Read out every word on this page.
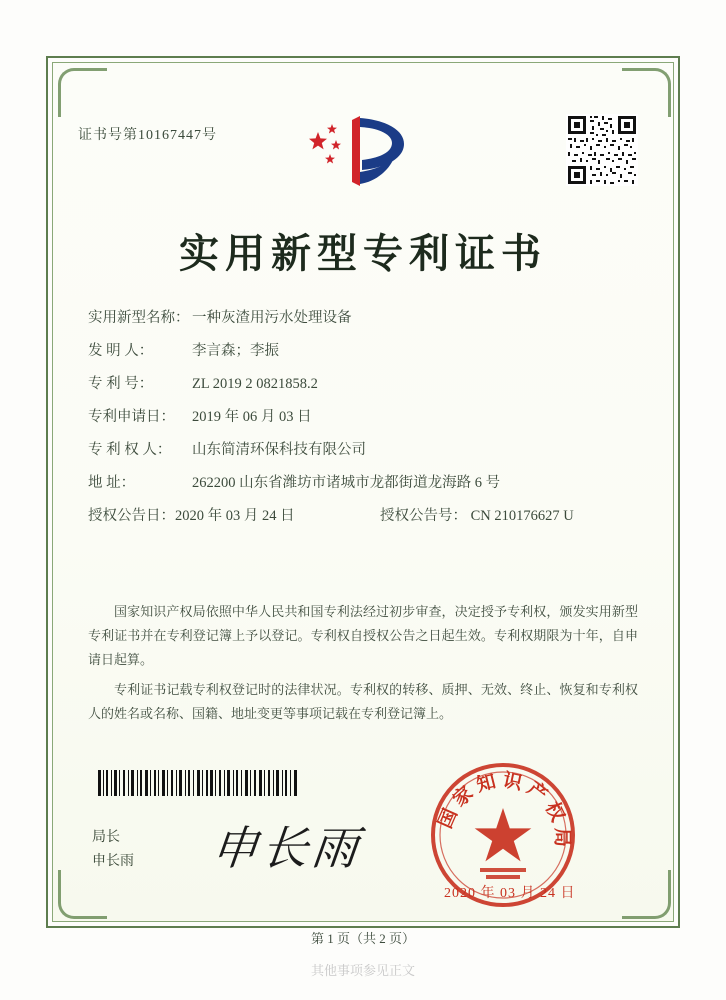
证书号第10167447号
实用新型专利证书
实用新型名称： 一种灰渣用污水处理设备
发 明 人：	李言森；李振
专 利 号：	ZL 2019 2 0821858.2
专利申请日： 2019 年 06 月 03 日
专 利 权 人： 山东简清环保科技有限公司
地 址：	262200 山东省潍坊市诸城市龙都街道龙海路 6 号
授权公告日：2020 年 03 月 24 日	授权公告号： CN 210176627 U

国家知识产权局依照中华人民共和国专利法经过初步审查，决定授予专利权，颁发实用新型专利证书并在专利登记簿上予以登记。专利权自授权公告之日起生效。专利权期限为十年，自申请日起算。

专利证书记载专利权登记时的法律状况。专利权的转移、质押、无效、终止、恢复和专利权人的姓名或名称、国籍、地址变更等事项记载在专利登记簿上。

局长
申长雨 申长雨
国家知识产权局
2020 年 03 月 24 日
第 1 页（共 2 页）
其他事项参见正文
